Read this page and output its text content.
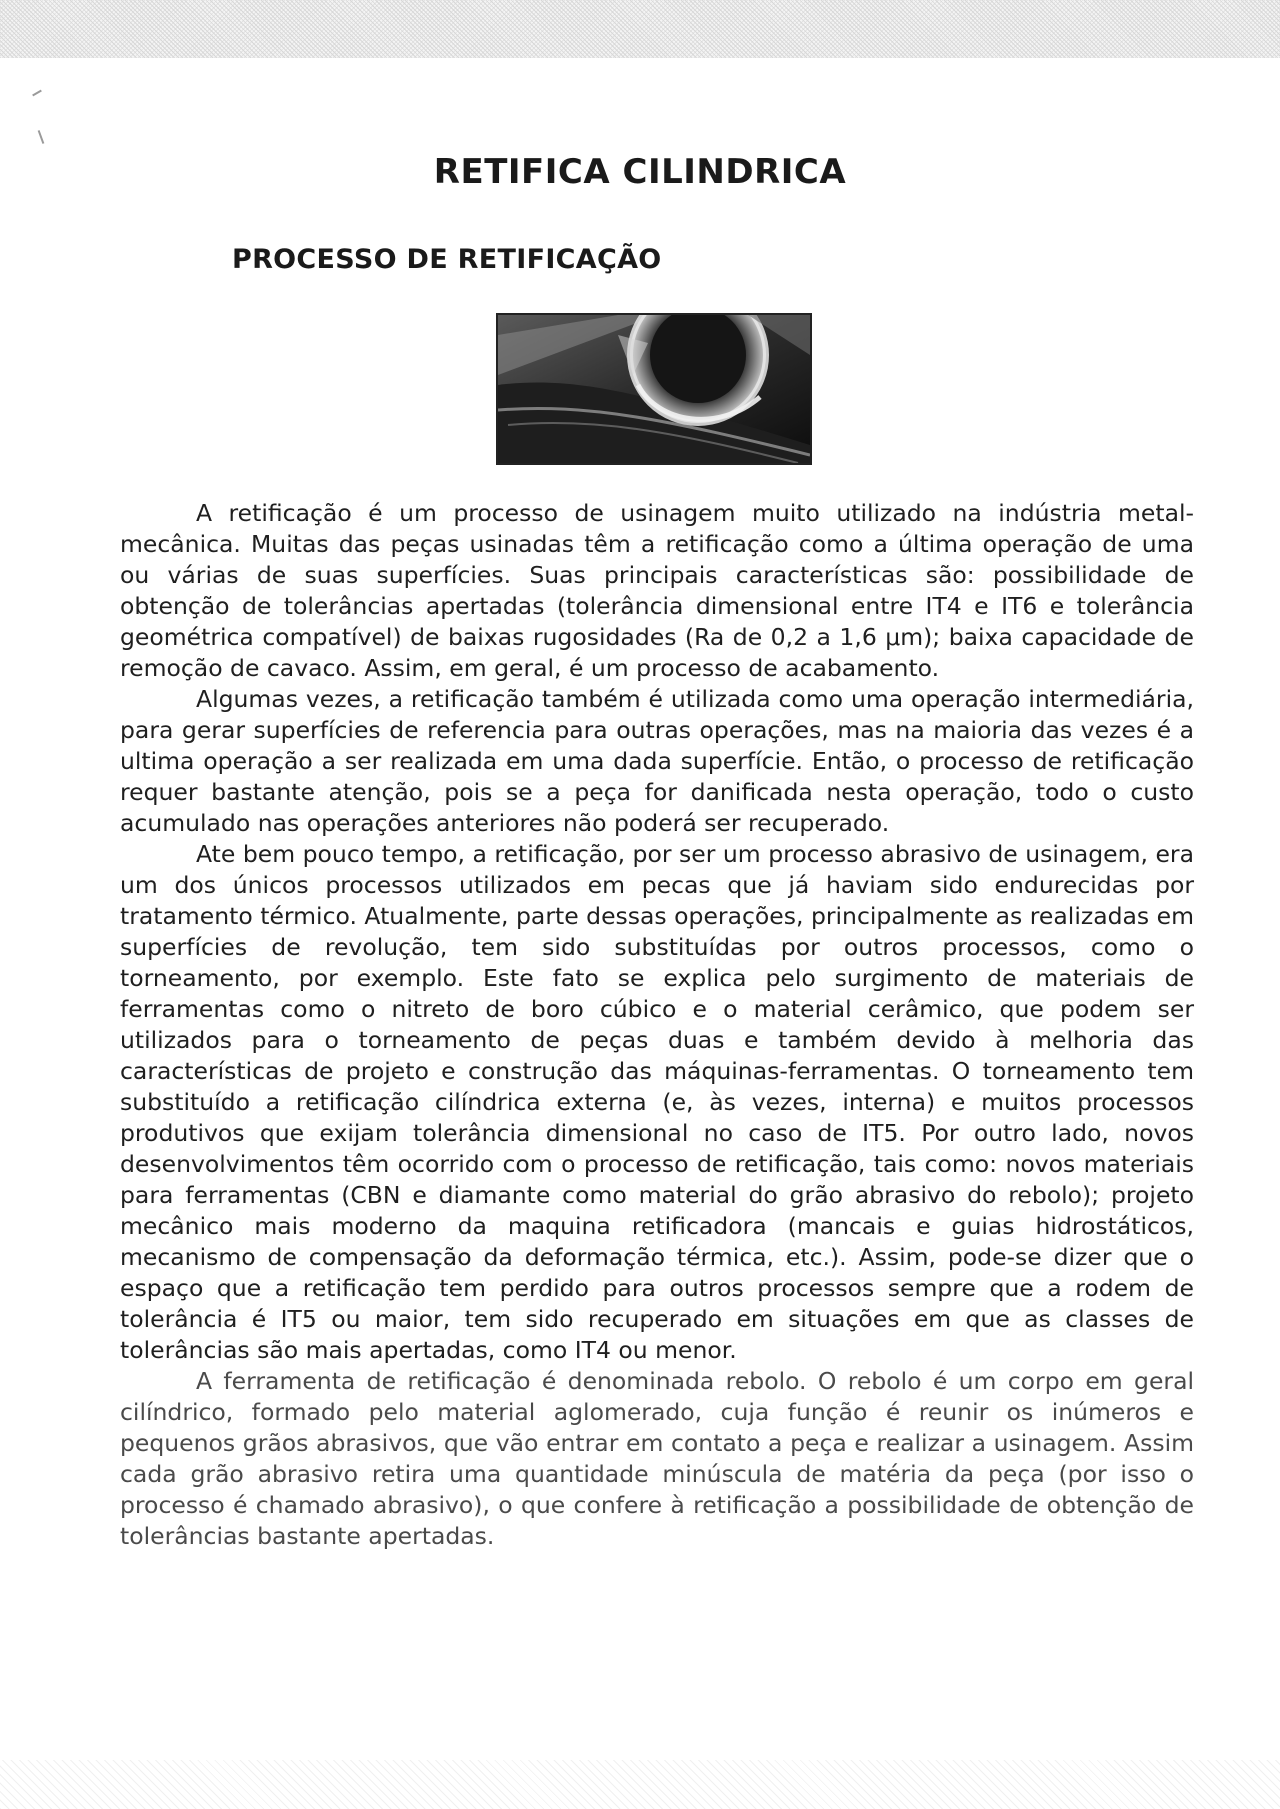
RETIFICA CILINDRICA
PROCESSO DE RETIFICAÇÃO

A retificação é um processo de usinagem muito utilizado na indústria metal-mecânica. Muitas das peças usinadas têm a retificação como a última operação de uma ou várias de suas superfícies. Suas principais características são: possibilidade de obtenção de tolerâncias apertadas (tolerância dimensional entre IT4 e IT6 e tolerância geométrica compatível) de baixas rugosidades (Ra de 0,2 a 1,6 μm); baixa capacidade de remoção de cavaco. Assim, em geral, é um processo de acabamento.

Algumas vezes, a retificação também é utilizada como uma operação intermediária, para gerar superfícies de referencia para outras operações, mas na maioria das vezes é a ultima operação a ser realizada em uma dada superfície. Então, o processo de retificação requer bastante atenção, pois se a peça for danificada nesta operação, todo o custo acumulado nas operações anteriores não poderá ser recuperado.

Ate bem pouco tempo, a retificação, por ser um processo abrasivo de usinagem, era um dos únicos processos utilizados em pecas que já haviam sido endurecidas por tratamento térmico. Atualmente, parte dessas operações, principalmente as realizadas em superfícies de revolução, tem sido substituídas por outros processos, como o torneamento, por exemplo. Este fato se explica pelo surgimento de materiais de ferramentas como o nitreto de boro cúbico e o material cerâmico, que podem ser utilizados para o torneamento de peças duas e também devido à melhoria das características de projeto e construção das máquinas-ferramentas. O torneamento tem substituído a retificação cilíndrica externa (e, às vezes, interna) e muitos processos produtivos que exijam tolerância dimensional no caso de IT5. Por outro lado, novos desenvolvimentos têm ocorrido com o processo de retificação, tais como: novos materiais para ferramentas (CBN e diamante como material do grão abrasivo do rebolo); projeto mecânico mais moderno da maquina retificadora (mancais e guias hidrostáticos, mecanismo de compensação da deformação térmica, etc.). Assim, pode-se dizer que o espaço que a retificação tem perdido para outros processos sempre que a rodem de tolerância é IT5 ou maior, tem sido recuperado em situações em que as classes de tolerâncias são mais apertadas, como IT4 ou menor.

A ferramenta de retificação é denominada rebolo. O rebolo é um corpo em geral cilíndrico, formado pelo material aglomerado, cuja função é reunir os inúmeros e pequenos grãos abrasivos, que vão entrar em contato a peça e realizar a usinagem. Assim cada grão abrasivo retira uma quantidade minúscula de matéria da peça (por isso o processo é chamado abrasivo), o que confere à retificação a possibilidade de obtenção de tolerâncias bastante apertadas.
